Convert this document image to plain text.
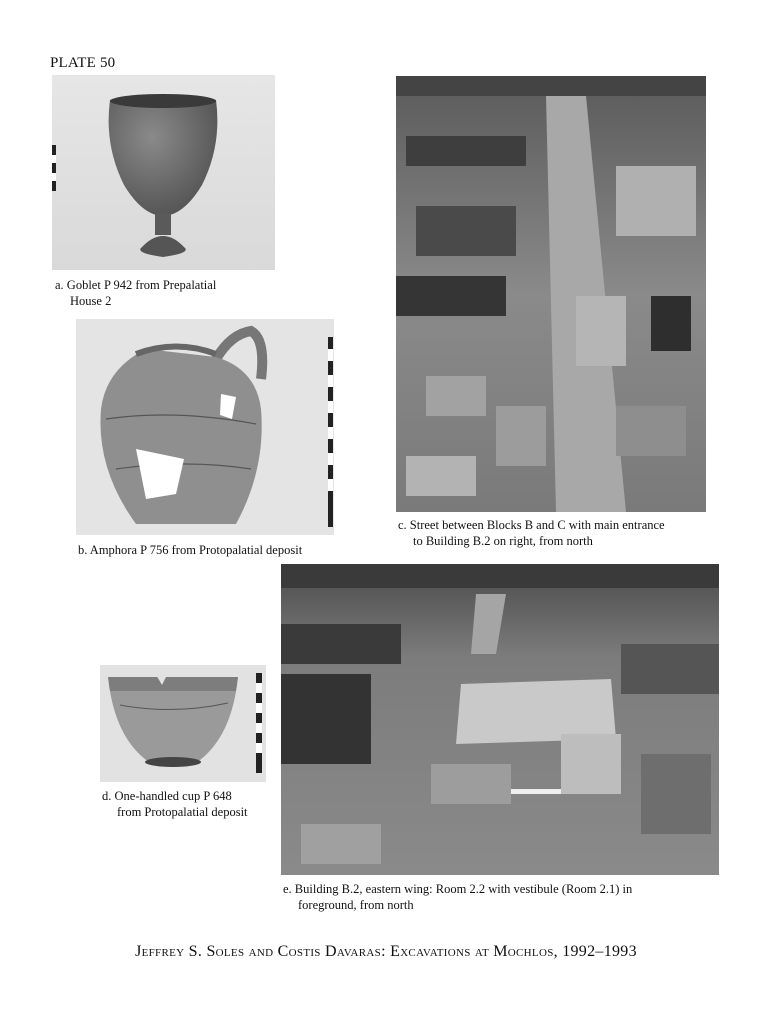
PLATE 50
a. Goblet P 942 from Prepalatial
House 2
b. Amphora P 756 from Protopalatial deposit
c. Street between Blocks B and C with main entrance
to Building B.2 on right, from north
d. One-handled cup P 648
from Protopalatial deposit
e. Building B.2, eastern wing: Room 2.2 with vestibule (Room 2.1) in
foreground, from north
Jeffrey S. Soles and Costis Davaras: Excavations at Mochlos, 1992–1993
